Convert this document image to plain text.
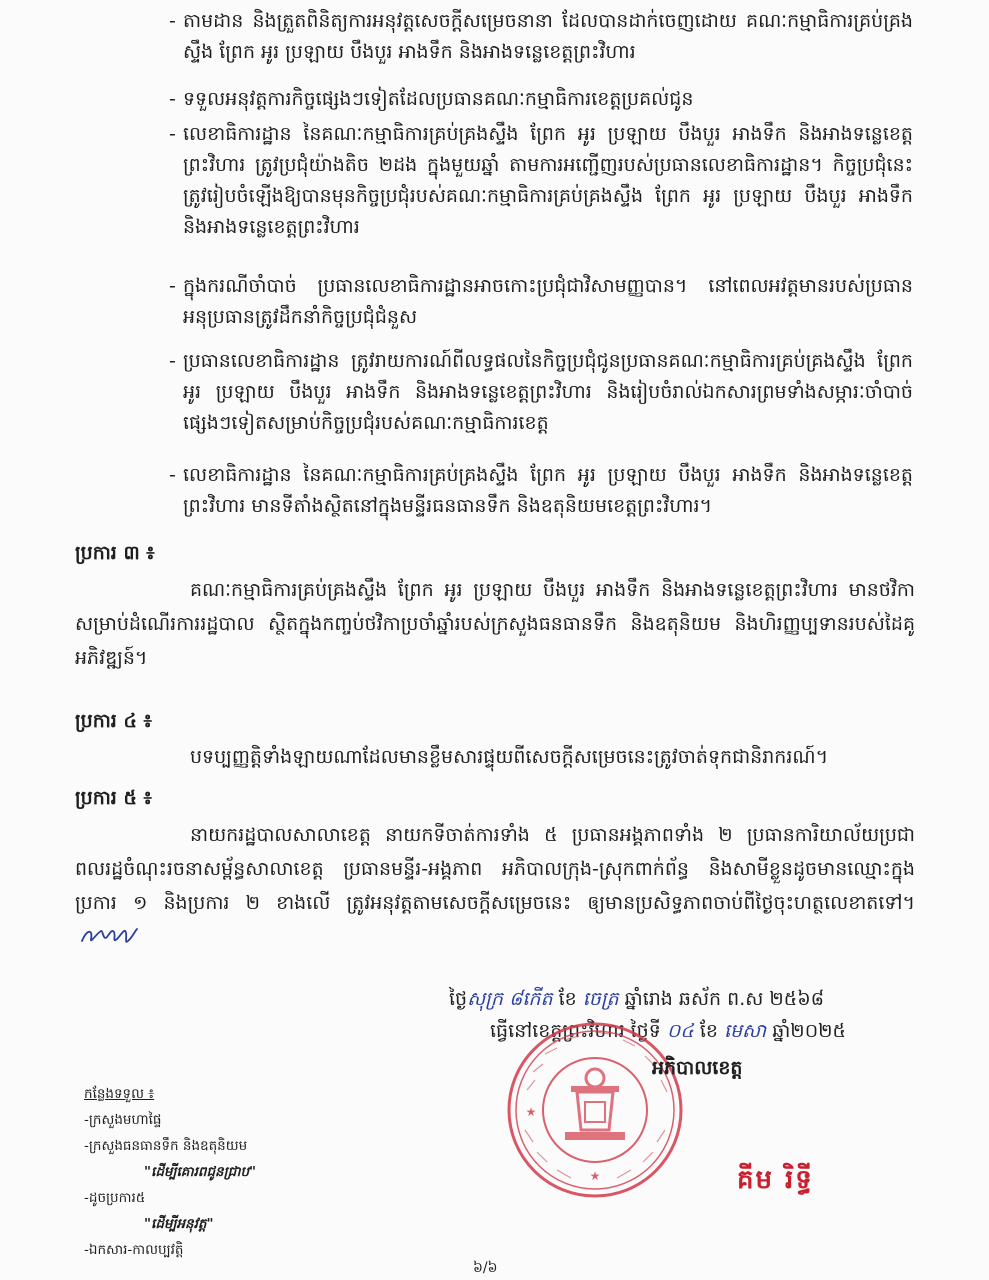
- តាមដាន និងត្រួតពិនិត្យការអនុវត្តសេចក្តីសម្រេចនានា ដែលបានដាក់ចេញដោយ គណៈកម្មាធិការគ្រប់គ្រងស្ទឹង ព្រែក អូរ ប្រឡាយ បឹងបួរ អាងទឹក និងអាងទន្លេខេត្តព្រះវិហារ

- ទទួលអនុវត្តការកិច្ចផ្សេងៗទៀតដែលប្រធានគណៈកម្មាធិការខេត្តប្រគល់ជូន

- លេខាធិការដ្ឋាន នៃគណៈកម្មាធិការគ្រប់គ្រងស្ទឹង ព្រែក អូរ ប្រឡាយ បឹងបួរ អាងទឹក និងអាងទន្លេខេត្តព្រះវិហារ ត្រូវប្រជុំយ៉ាងតិច ២ដង ក្នុងមួយឆ្នាំ តាមការអញ្ជើញរបស់ប្រធានលេខាធិការដ្ឋាន។ កិច្ចប្រជុំនេះត្រូវរៀបចំឡើងឱ្យបានមុនកិច្ចប្រជុំរបស់គណៈកម្មាធិការគ្រប់គ្រងស្ទឹង ព្រែក អូរ ប្រឡាយ បឹងបួរ អាងទឹក និងអាងទន្លេខេត្តព្រះវិហារ

- ក្នុងករណីចាំបាច់ ប្រធានលេខាធិការដ្ឋានអាចកោះប្រជុំជាវិសាមញ្ញបាន។ នៅពេលអវត្តមានរបស់ប្រធាន អនុប្រធានត្រូវដឹកនាំកិច្ចប្រជុំជំនួស

- ប្រធានលេខាធិការដ្ឋាន ត្រូវរាយការណ៍ពីលទ្ធផលនៃកិច្ចប្រជុំជូនប្រធានគណៈកម្មាធិការគ្រប់គ្រងស្ទឹង ព្រែក អូរ ប្រឡាយ បឹងបួរ អាងទឹក និងអាងទន្លេខេត្តព្រះវិហារ និងរៀបចំរាល់ឯកសារព្រមទាំងសម្ភារៈចាំបាច់ផ្សេងៗទៀតសម្រាប់កិច្ចប្រជុំរបស់គណៈកម្មាធិការខេត្ត

- លេខាធិការដ្ឋាន នៃគណៈកម្មាធិការគ្រប់គ្រងស្ទឹង ព្រែក អូរ ប្រឡាយ បឹងបួរ អាងទឹក និងអាងទន្លេខេត្តព្រះវិហារ មានទីតាំងស្ថិតនៅក្នុងមន្ទីរធនធានទឹក និងឧតុនិយមខេត្តព្រះវិហារ។

ប្រការ ៣ ៖

គណៈកម្មាធិការគ្រប់គ្រងស្ទឹង ព្រែក អូរ ប្រឡាយ បឹងបួរ អាងទឹក និងអាងទន្លេខេត្តព្រះវិហារ មានថវិកាសម្រាប់ដំណើរការរដ្ឋបាល ស្ថិតក្នុងកញ្ចប់ថវិកាប្រចាំឆ្នាំរបស់ក្រសួងធនធានទឹក និងឧតុនិយម និងហិរញ្ញប្បទានរបស់ដៃគូអភិវឌ្ឍន៍។

ប្រការ ៤ ៖

បទប្បញ្ញត្តិទាំងឡាយណាដែលមានខ្លឹមសារផ្ទុយពីសេចក្តីសម្រេចនេះត្រូវចាត់ទុកជានិរាករណ៍។

ប្រការ ៥ ៖

នាយករដ្ឋបាលសាលាខេត្ត នាយកទីចាត់ការទាំង ៥ ប្រធានអង្គភាពទាំង ២ ប្រធានការិយាល័យប្រជាពលរដ្ឋចំណុះរចនាសម្ព័ន្ធសាលាខេត្ត ប្រធានមន្ទីរ-អង្គភាព អភិបាលក្រុង-ស្រុកពាក់ព័ន្ធ និងសាមីខ្លួនដូចមានឈ្មោះក្នុងប្រការ ១ និងប្រការ ២ ខាងលើ ត្រូវអនុវត្តតាមសេចក្តីសម្រេចនេះ ឲ្យមានប្រសិទ្ធភាពចាប់ពីថ្ងៃចុះហត្ថលេខាតទៅ។

ថ្ងៃសុក្រ ៨កើត ខែ ចេត្រ ឆ្នាំរោង ឆស័ក ព.ស ២៥៦៨

ធ្វើនៅខេត្តព្រះវិហារ ថ្ងៃទី ០៤ ខែ មេសា ឆ្នាំ២០២៥

★
★

អភិបាលខេត្ត

គីម រិទ្ធី

កន្លែងទទួល ៖

-ក្រសួងមហាផ្ទៃ

-ក្រសួងធនធានទឹក និងឧតុនិយម

"ដើម្បីគោរពជូនជ្រាប"

-ដូចប្រការ៥

"ដើម្បីអនុវត្ត"

-ឯកសារ-កាលប្បវត្តិ

៦/៦
